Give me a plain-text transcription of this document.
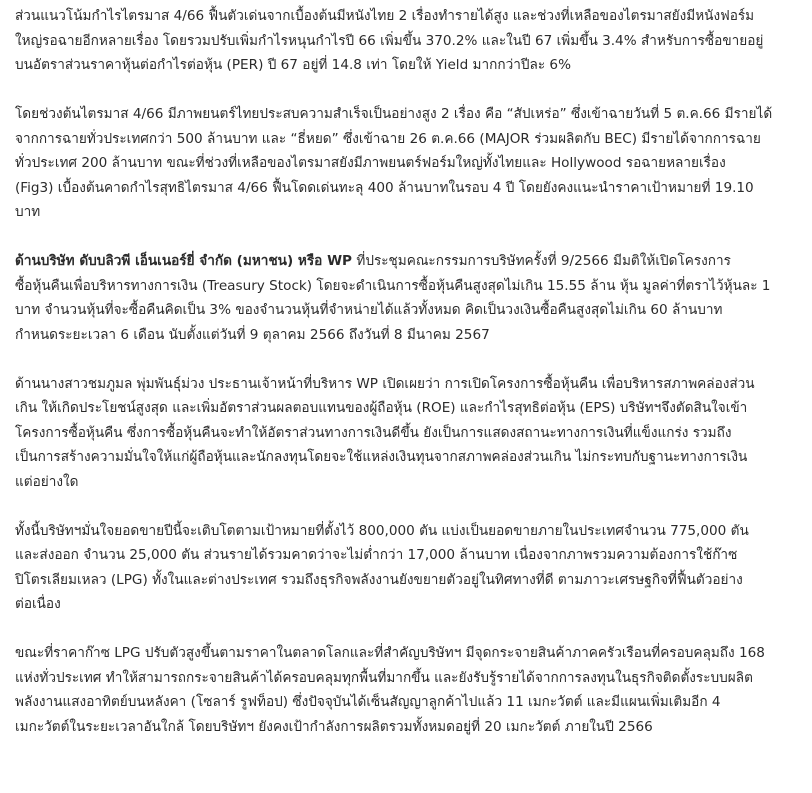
ส่วนแนวโน้มกำไรไตรมาส 4/66 ฟื้นตัวเด่นจากเบื้องต้นมีหนังไทย 2 เรื่องทำรายได้สูง และช่วงที่เหลือของไตรมาสยังมีหนังฟอร์ม
ใหญ่รอฉายอีกหลายเรื่อง โดยรวมปรับเพิ่มกำไรหนุนกำไรปี 66 เพิ่มขึ้น 370.2% และในปี 67 เพิ่มขึ้น 3.4% สำหรับการซื้อขายอยู่
บนอัตราส่วนราคาหุ้นต่อกำไรต่อหุ้น (PER) ปี 67 อยู่ที่ 14.8 เท่า โดยให้ Yield มากกว่าปีละ 6%

โดยช่วงต้นไตรมาส 4/66 มีภาพยนตร์ไทยประสบความสำเร็จเป็นอย่างสูง 2 เรื่อง คือ “สัปเหร่อ” ซึ่งเข้าฉายวันที่ 5 ต.ค.66 มีรายได้
จากการฉายทั่วประเทศกว่า 500 ล้านบาท และ “ธี่หยด” ซึ่งเข้าฉาย 26 ต.ค.66 (MAJOR ร่วมผลิตกับ BEC) มีรายได้จากการฉาย
ทั่วประเทศ 200 ล้านบาท ขณะที่ช่วงที่เหลือของไตรมาสยังมีภาพยนตร์ฟอร์มใหญ่ทั้งไทยและ Hollywood รอฉายหลายเรื่อง
(Fig3) เบื้องต้นคาดกำไรสุทธิไตรมาส 4/66 ฟื้นโดดเด่นทะลุ 400 ล้านบาทในรอบ 4 ปี โดยยังคงแนะนำราคาเป้าหมายที่ 19.10
บาท

ด้านบริษัท ดับบลิวพี เอ็นเนอร์ยี่ จำกัด (มหาชน) หรือ WP ที่ประชุมคณะกรรมการบริษัทครั้งที่ 9/2566 มีมติให้เปิดโครงการ
ซื้อหุ้นคืนเพื่อบริหารทางการเงิน (Treasury Stock) โดยจะดำเนินการซื้อหุ้นคืนสูงสุดไม่เกิน 15.55 ล้าน หุ้น มูลค่าที่ตราไว้หุ้นละ 1
บาท จำนวนหุ้นที่จะซื้อคืนคิดเป็น 3% ของจำนวนหุ้นที่จำหน่ายได้แล้วทั้งหมด คิดเป็นวงเงินซื้อคืนสูงสุดไม่เกิน 60 ล้านบาท
กำหนดระยะเวลา 6 เดือน นับตั้งแต่วันที่ 9 ตุลาคม 2566 ถึงวันที่ 8 มีนาคม 2567

ด้านนางสาวชมภูมล พุ่มพันธุ์ม่วง ประธานเจ้าหน้าที่บริหาร WP เปิดเผยว่า การเปิดโครงการซื้อหุ้นคืน เพื่อบริหารสภาพคล่องส่วน
เกิน ให้เกิดประโยชน์สูงสุด และเพิ่มอัตราส่วนผลตอบแทนของผู้ถือหุ้น (ROE) และกำไรสุทธิต่อหุ้น (EPS) บริษัทฯจึงตัดสินใจเข้า
โครงการซื้อหุ้นคืน ซึ่งการซื้อหุ้นคืนจะทำให้อัตราส่วนทางการเงินดีขึ้น ยังเป็นการแสดงสถานะทางการเงินที่แข็งแกร่ง รวมถึง
เป็นการสร้างความมั่นใจให้แก่ผู้ถือหุ้นและนักลงทุนโดยจะใช้แหล่งเงินทุนจากสภาพคล่องส่วนเกิน ไม่กระทบกับฐานะทางการเงิน
แต่อย่างใด

ทั้งนี้บริษัทฯมั่นใจยอดขายปีนี้จะเติบโตตามเป้าหมายที่ตั้งไว้ 800,000 ตัน แบ่งเป็นยอดขายภายในประเทศจำนวน 775,000 ตัน
และส่งออก จำนวน 25,000 ตัน ส่วนรายได้รวมคาดว่าจะไม่ต่ำกว่า 17,000 ล้านบาท เนื่องจากภาพรวมความต้องการใช้ก๊าซ
ปิโตรเลียมเหลว (LPG) ทั้งในและต่างประเทศ รวมถึงธุรกิจพลังงานยังขยายตัวอยู่ในทิศทางที่ดี ตามภาวะเศรษฐกิจที่ฟื้นตัวอย่าง
ต่อเนื่อง

ขณะที่ราคาก๊าซ LPG ปรับตัวสูงขึ้นตามราคาในตลาดโลกและที่สำคัญบริษัทฯ มีจุดกระจายสินค้าภาคครัวเรือนที่ครอบคลุมถึง 168
แห่งทั่วประเทศ ทำให้สามารถกระจายสินค้าได้ครอบคลุมทุกพื้นที่มากขึ้น และยังรับรู้รายได้จากการลงทุนในธุรกิจติดตั้งระบบผลิต
พลังงานแสงอาทิตย์บนหลังคา (โซลาร์ รูฟท็อป) ซึ่งปัจจุบันได้เซ็นสัญญาลูกค้าไปแล้ว 11 เมกะวัตต์ และมีแผนเพิ่มเติมอีก 4
เมกะวัตต์ในระยะเวลาอันใกล้ โดยบริษัทฯ ยังคงเป้ากำลังการผลิตรวมทั้งหมดอยู่ที่ 20 เมกะวัตต์ ภายในปี 2566
